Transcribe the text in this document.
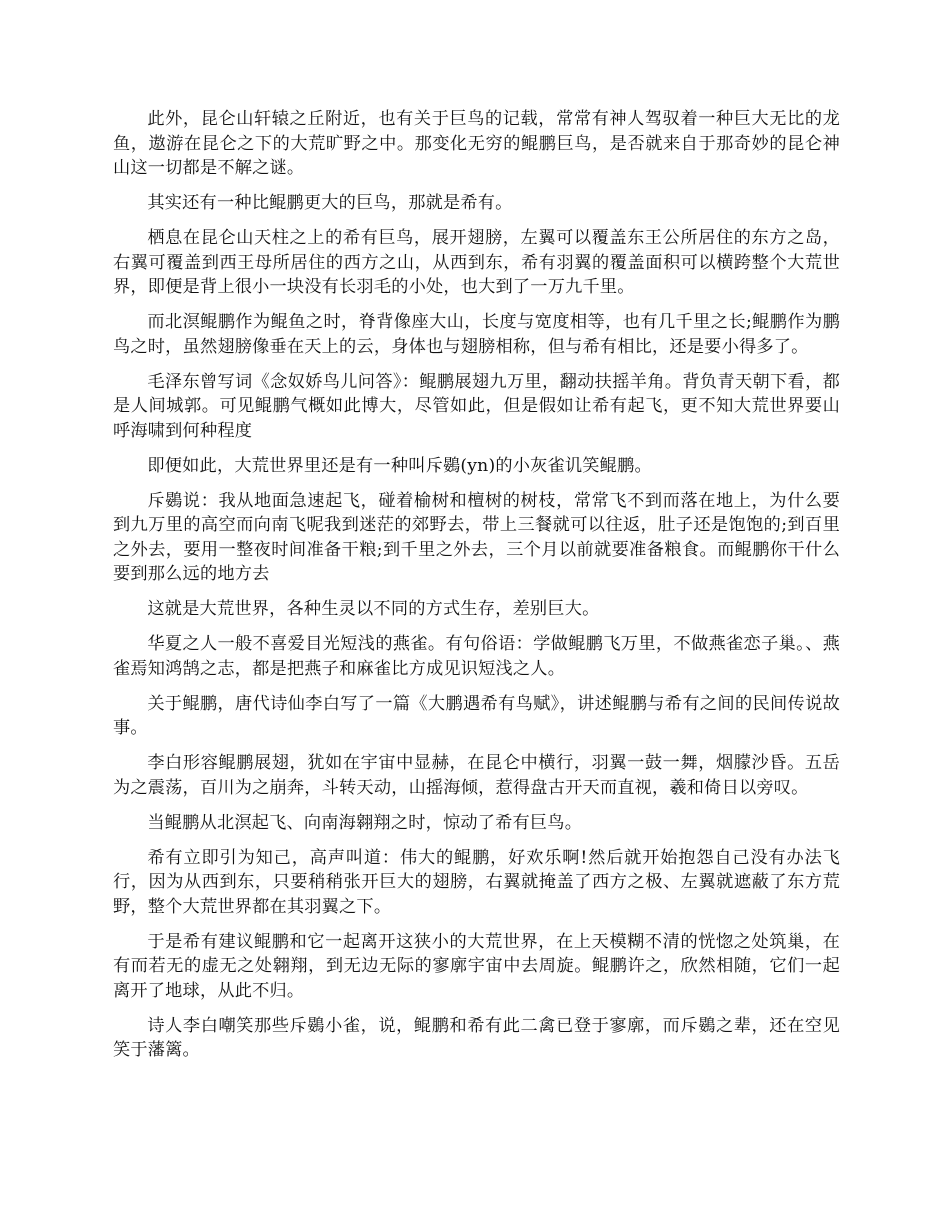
此外，昆仑山轩辕之丘附近，也有关于巨鸟的记载，常常有神人驾驭着一种巨大无比的龙鱼，遨游在昆仑之下的大荒旷野之中。那变化无穷的鲲鹏巨鸟，是否就来自于那奇妙的昆仑神山这一切都是不解之谜。

其实还有一种比鲲鹏更大的巨鸟，那就是希有。

栖息在昆仑山天柱之上的希有巨鸟，展开翅膀，左翼可以覆盖东王公所居住的东方之岛，右翼可覆盖到西王母所居住的西方之山，从西到东，希有羽翼的覆盖面积可以横跨整个大荒世界，即便是背上很小一块没有长羽毛的小处，也大到了一万九千里。

而北溟鲲鹏作为鲲鱼之时，脊背像座大山，长度与宽度相等，也有几千里之长;鲲鹏作为鹏鸟之时，虽然翅膀像垂在天上的云，身体也与翅膀相称，但与希有相比，还是要小得多了。

毛泽东曾写词《念奴娇鸟儿问答》：鲲鹏展翅九万里，翻动扶摇羊角。背负青天朝下看，都是人间城郭。可见鲲鹏气概如此博大，尽管如此，但是假如让希有起飞，更不知大荒世界要山呼海啸到何种程度

即便如此，大荒世界里还是有一种叫斥鷃(yn)的小灰雀讥笑鲲鹏。

斥鷃说：我从地面急速起飞，碰着榆树和檀树的树枝，常常飞不到而落在地上，为什么要到九万里的高空而向南飞呢我到迷茫的郊野去，带上三餐就可以往返，肚子还是饱饱的;到百里之外去，要用一整夜时间准备干粮;到千里之外去，三个月以前就要准备粮食。而鲲鹏你干什么要到那么远的地方去

这就是大荒世界，各种生灵以不同的方式生存，差别巨大。

华夏之人一般不喜爱目光短浅的燕雀。有句俗语：学做鲲鹏飞万里，不做燕雀恋子巢。、燕雀焉知鸿鹄之志，都是把燕子和麻雀比方成见识短浅之人。

关于鲲鹏，唐代诗仙李白写了一篇《大鹏遇希有鸟赋》，讲述鲲鹏与希有之间的民间传说故事。

李白形容鲲鹏展翅，犹如在宇宙中显赫，在昆仑中横行，羽翼一鼓一舞，烟朦沙昏。五岳为之震荡，百川为之崩奔，斗转天动，山摇海倾，惹得盘古开天而直视，羲和倚日以旁叹。

当鲲鹏从北溟起飞、向南海翱翔之时，惊动了希有巨鸟。

希有立即引为知己，高声叫道：伟大的鲲鹏，好欢乐啊!然后就开始抱怨自己没有办法飞行，因为从西到东，只要稍稍张开巨大的翅膀，右翼就掩盖了西方之极、左翼就遮蔽了东方荒野，整个大荒世界都在其羽翼之下。

于是希有建议鲲鹏和它一起离开这狭小的大荒世界，在上天模糊不清的恍惚之处筑巢，在有而若无的虚无之处翱翔，到无边无际的寥廓宇宙中去周旋。鲲鹏许之，欣然相随，它们一起离开了地球，从此不归。

诗人李白嘲笑那些斥鷃小雀，说，鲲鹏和希有此二禽已登于寥廓，而斥鷃之辈，还在空见笑于藩篱。
